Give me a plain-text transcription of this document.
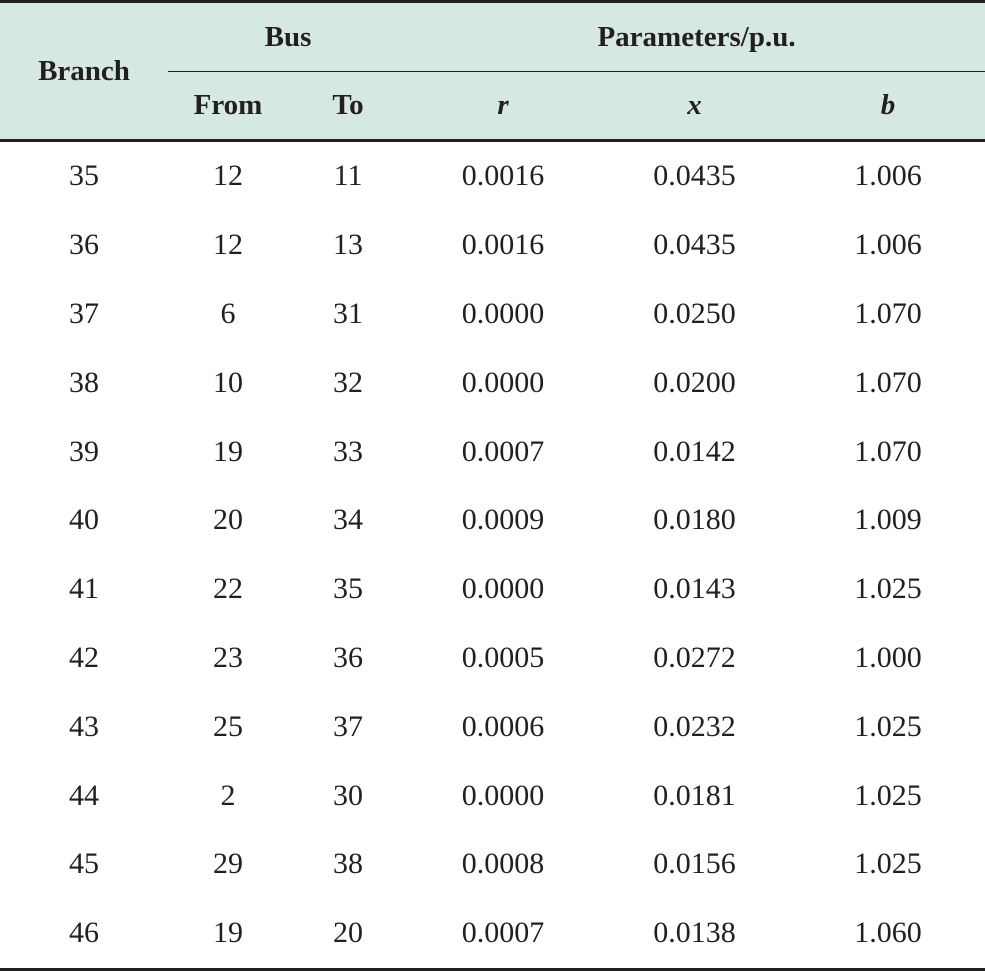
Branch	Bus		Parameters/p.u.		

	From	To	r	x	b
35	12	11	0.0016	0.0435	1.006
36	12	13	0.0016	0.0435	1.006
37	6	31	0.0000	0.0250	1.070
38	10	32	0.0000	0.0200	1.070
39	19	33	0.0007	0.0142	1.070
40	20	34	0.0009	0.0180	1.009
41	22	35	0.0000	0.0143	1.025
42	23	36	0.0005	0.0272	1.000
43	25	37	0.0006	0.0232	1.025
44	2	30	0.0000	0.0181	1.025
45	29	38	0.0008	0.0156	1.025
46	19	20	0.0007	0.0138	1.060
